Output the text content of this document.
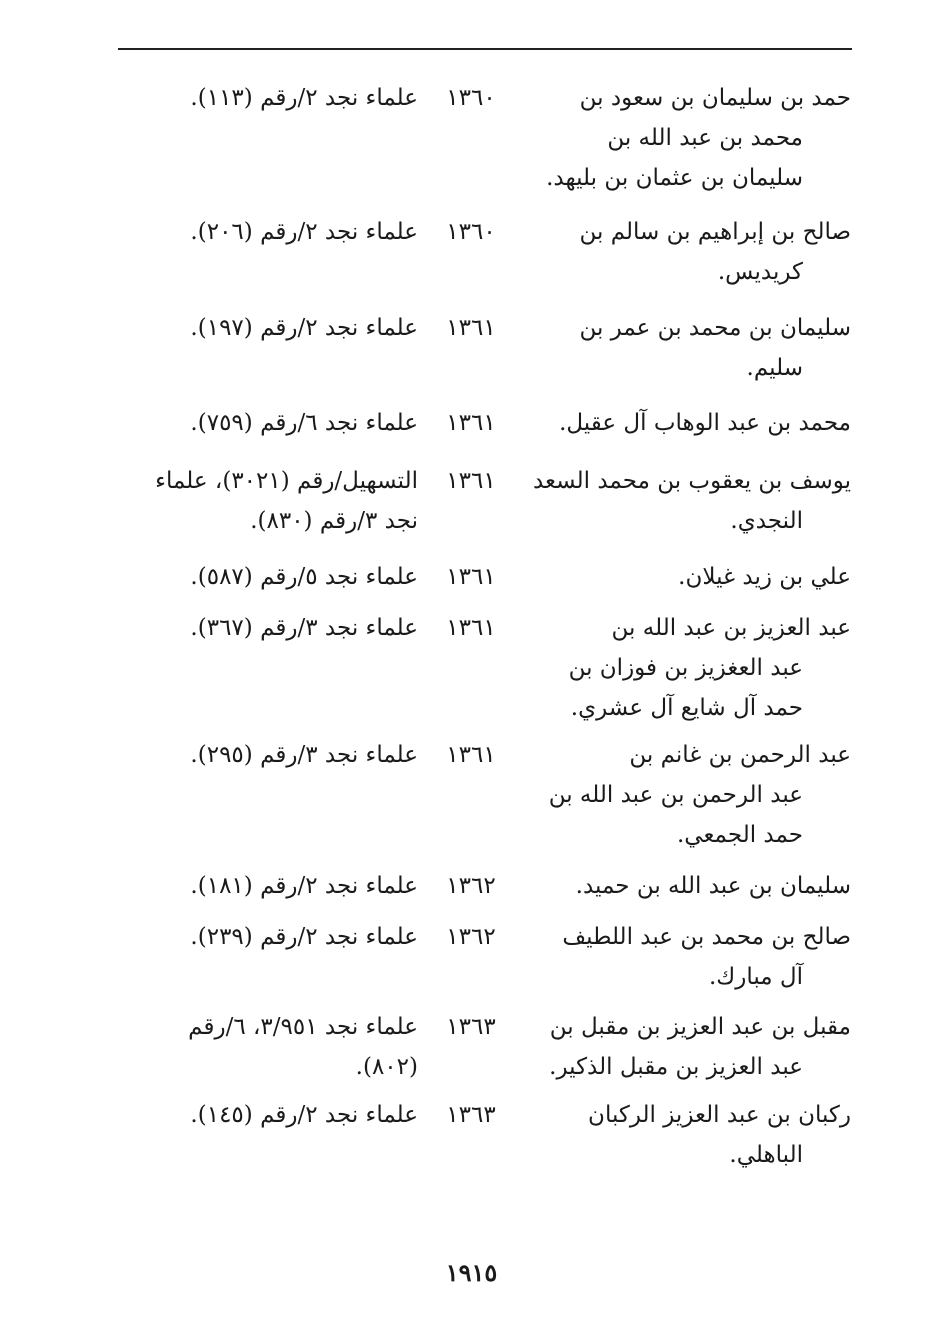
حمد بن سليمان بن سعود بن
محمد بن عبد الله بن
سليمان بن عثمان بن بليهد.
١٣٦٠
علماء نجد ٢/رقم (١١٣).
صالح بن إبراهيم بن سالم بن
كريديس.
١٣٦٠
علماء نجد ٢/رقم (٢٠٦).
سليمان بن محمد بن عمر بن
سليم.
١٣٦١
علماء نجد ٢/رقم (١٩٧).
محمد بن عبد الوهاب آل عقيل.
١٣٦١
علماء نجد ٦/رقم (٧٥٩).
يوسف بن يعقوب بن محمد السعد
النجدي.
١٣٦١
التسهيل/رقم (٣٠٢١)، علماء
نجد ٣/رقم (٨٣٠).
علي بن زيد غيلان.
١٣٦١
علماء نجد ٥/رقم (٥٨٧).
عبد العزيز بن عبد الله بن
عبد العغزيز بن فوزان بن
حمد آل شايع آل عشري.
١٣٦١
علماء نجد ٣/رقم (٣٦٧).
عبد الرحمن بن غانم بن
عبد الرحمن بن عبد الله بن
حمد الجمعي.
١٣٦١
علماء نجد ٣/رقم (٢٩٥).
سليمان بن عبد الله بن حميد.
١٣٦٢
علماء نجد ٢/رقم (١٨١).
صالح بن محمد بن عبد اللطيف
آل مبارك.
١٣٦٢
علماء نجد ٢/رقم (٢٣٩).
مقبل بن عبد العزيز بن مقبل بن
عبد العزيز بن مقبل الذكير.
١٣٦٣
علماء نجد ٣/٩٥١، ٦/رقم
(٨٠٢).
ركبان بن عبد العزيز الركبان
الباهلي.
١٣٦٣
علماء نجد ٢/رقم (١٤٥).
١٩١٥
